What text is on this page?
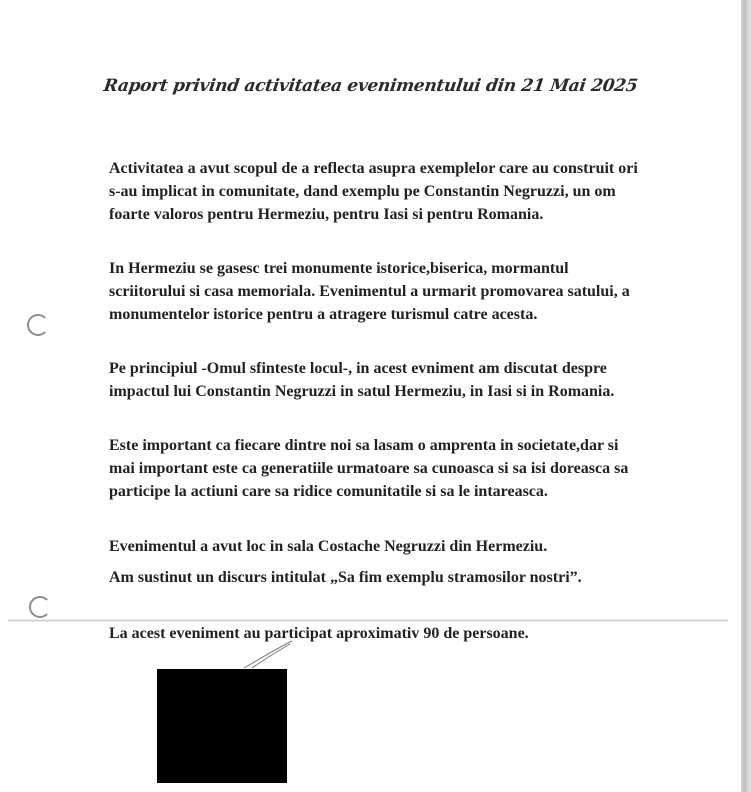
Raport privind activitatea evenimentului din 21 Mai 2025

Activitatea a avut scopul de a reflecta asupra exemplelor care au construit ori s-au implicat in comunitate, dand exemplu pe Constantin Negruzzi, un om foarte valoros pentru Hermeziu, pentru Iasi si pentru Romania.

In Hermeziu se gasesc trei monumente istorice,biserica, mormantul scriitorului si casa memoriala. Evenimentul a urmarit promovarea satului, a monumentelor istorice pentru a atragere turismul catre acesta.

Pe principiul -Omul sfinteste locul-, in acest evniment am discutat despre impactul lui Constantin Negruzzi in satul Hermeziu, in Iasi si in Romania.

Este important ca fiecare dintre noi sa lasam o amprenta in societate,dar si mai important este ca generatiile urmatoare sa cunoasca si sa isi doreasca sa participe la actiuni care sa ridice comunitatile si sa le intareasca.

Evenimentul a avut loc in sala Costache Negruzzi din Hermeziu.

Am sustinut un discurs intitulat „Sa fim exemplu stramosilor nostri”.

La acest eveniment au participat aproximativ 90 de persoane.
